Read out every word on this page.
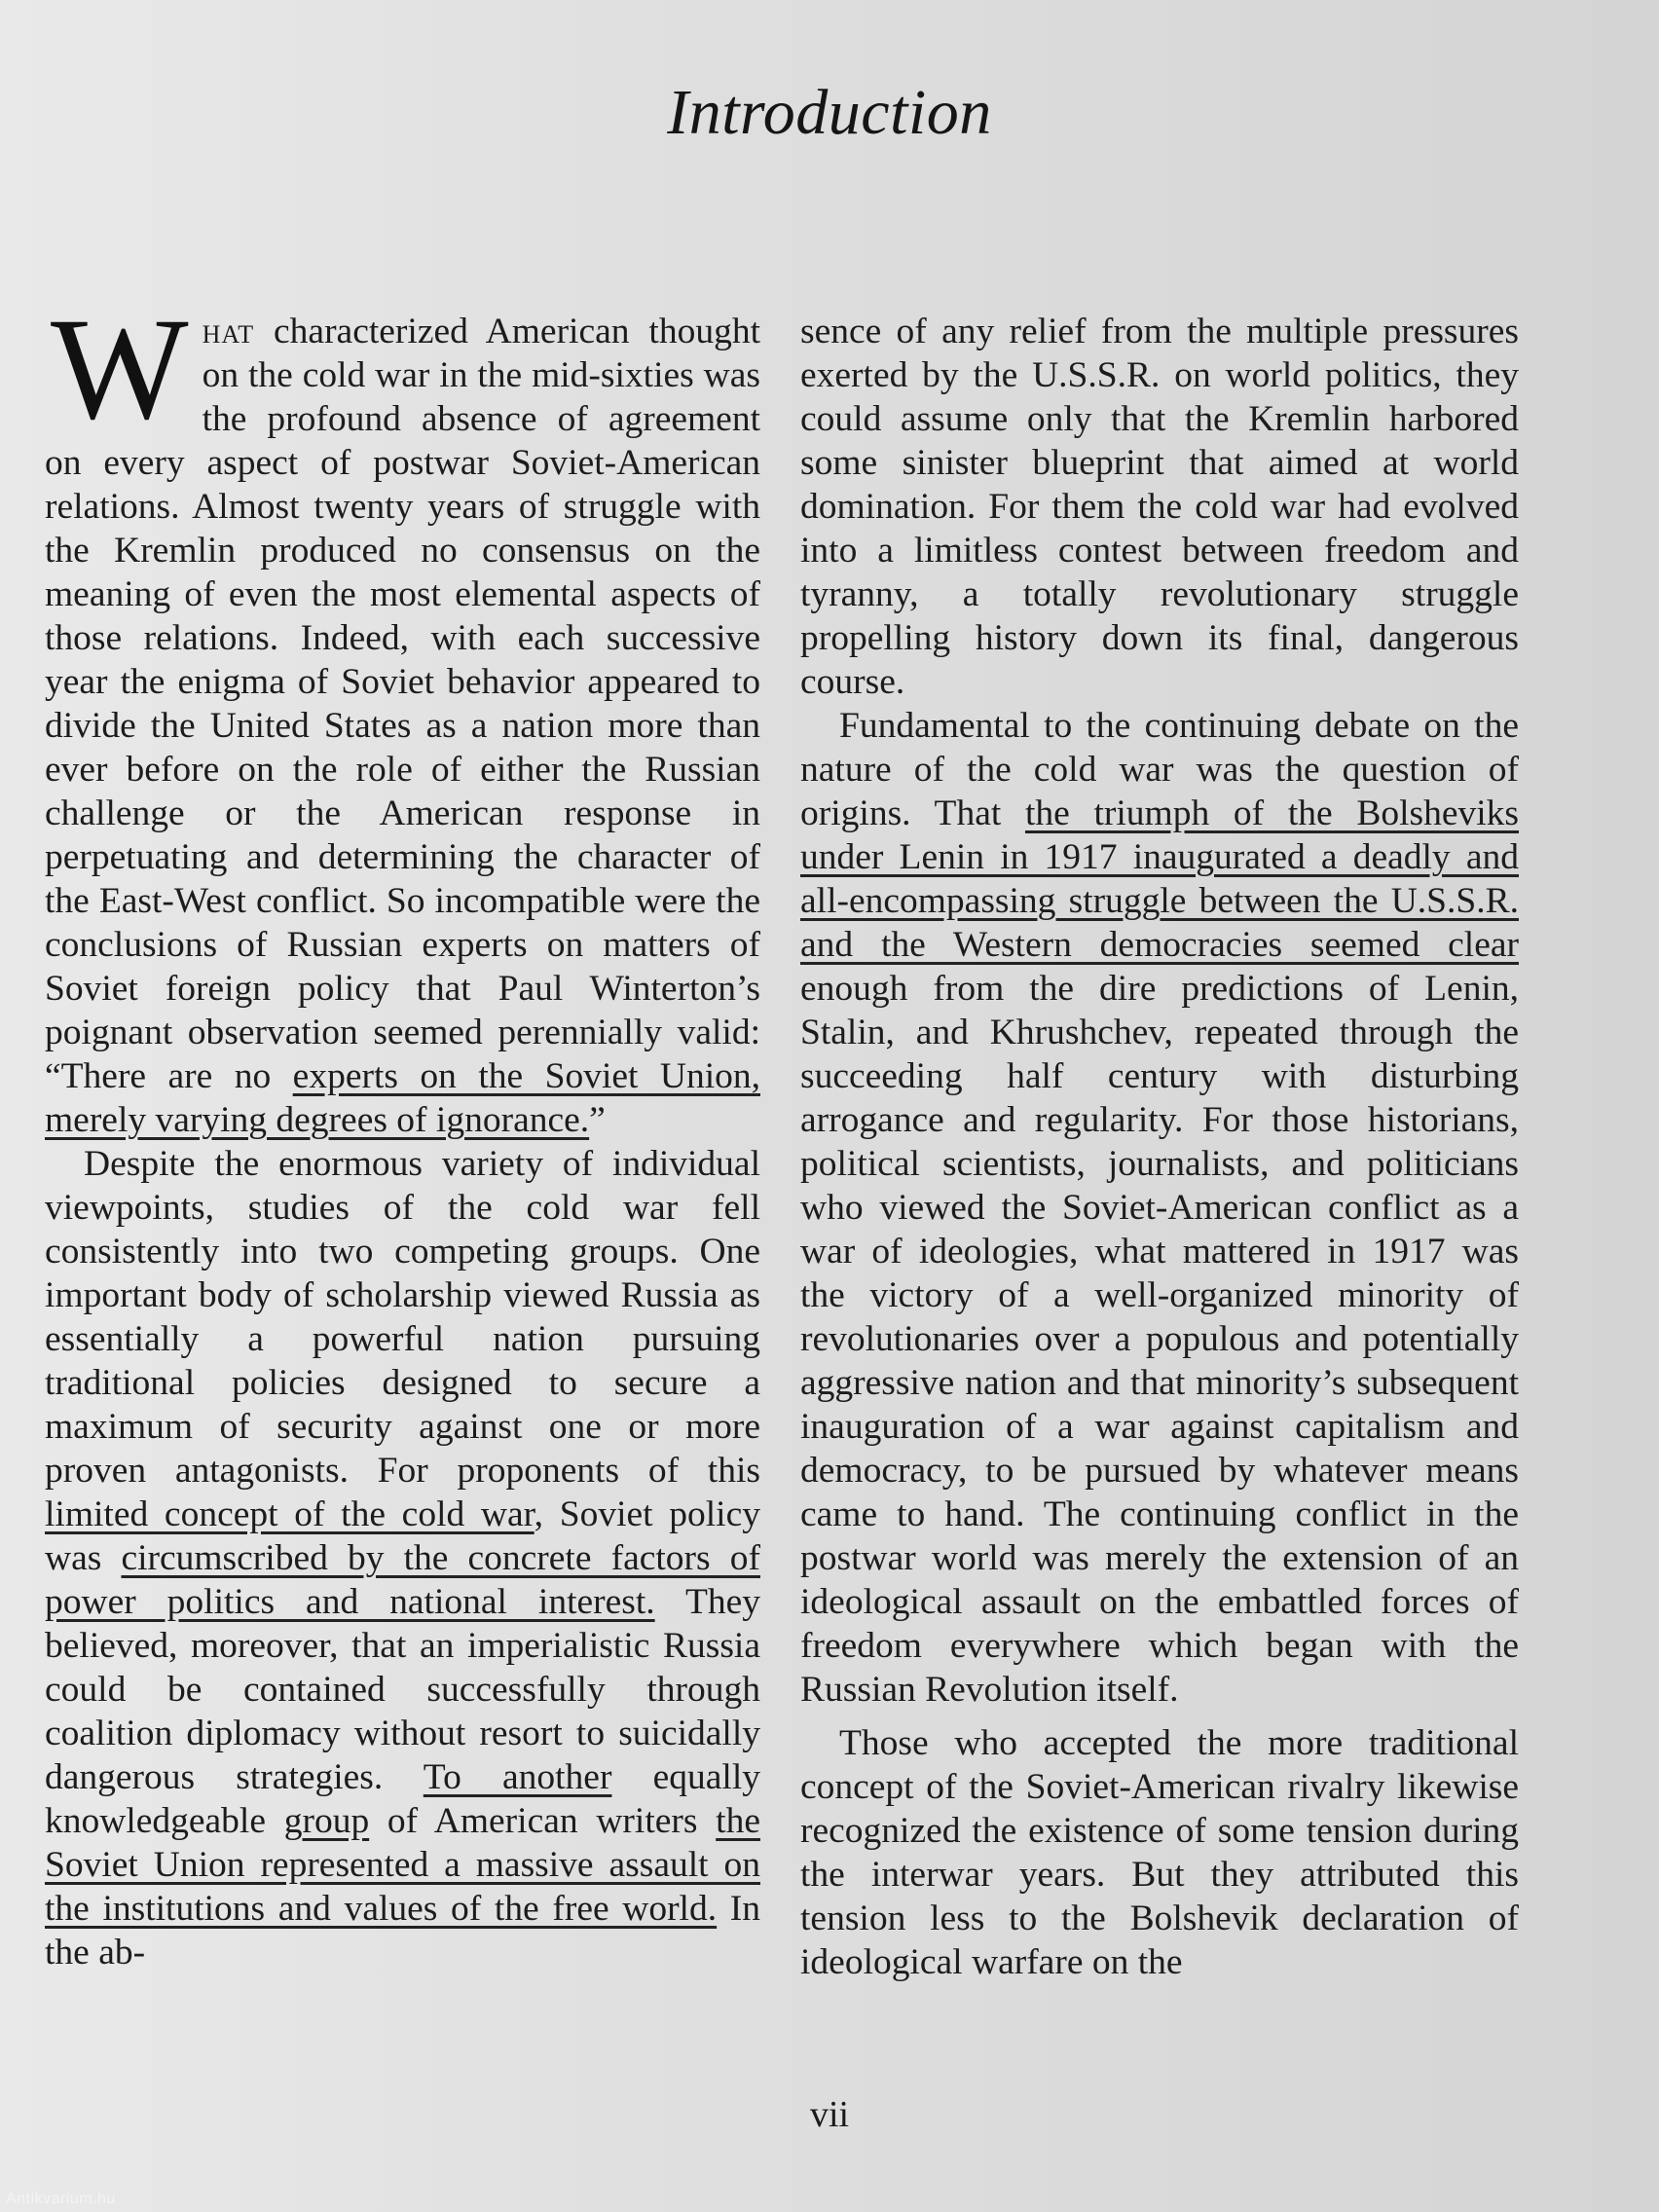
Introduction

What characterized American thought on the cold war in the mid-sixties was the profound absence of agreement on every aspect of postwar Soviet-American relations. Almost twenty years of struggle with the Kremlin produced no consensus on the meaning of even the most elemental aspects of those relations. Indeed, with each successive year the enigma of Soviet behavior appeared to divide the United States as a nation more than ever before on the role of either the Russian challenge or the American response in perpetuating and determining the character of the East-West conflict. So incompatible were the conclusions of Russian experts on matters of Soviet foreign policy that Paul Winterton’s poignant observation seemed perennially valid: “There are no experts on the Soviet Union, merely varying degrees of ignorance.”

Despite the enormous variety of individual viewpoints, studies of the cold war fell consistently into two competing groups. One important body of scholarship viewed Russia as essentially a powerful nation pursuing traditional policies designed to secure a maximum of security against one or more proven antagonists. For proponents of this limited concept of the cold war, Soviet policy was circumscribed by the concrete factors of power politics and national interest. They believed, moreover, that an imperialistic Russia could be contained successfully through coalition diplomacy without resort to suicidally dangerous strategies. To another equally knowledgeable group of American writers the Soviet Union represented a massive assault on the institutions and values of the free world. In the ab-

sence of any relief from the multiple pressures exerted by the U.S.S.R. on world politics, they could assume only that the Kremlin harbored some sinister blueprint that aimed at world domination. For them the cold war had evolved into a limitless contest between freedom and tyranny, a totally revolutionary struggle propelling history down its final, dangerous course.

Fundamental to the continuing debate on the nature of the cold war was the question of origins. That the triumph of the Bolsheviks under Lenin in 1917 inaugurated a deadly and all-encompassing struggle between the U.S.S.R. and the Western democracies seemed clear enough from the dire predictions of Lenin, Stalin, and Khrushchev, repeated through the succeeding half century with disturbing arrogance and regularity. For those historians, political scientists, journalists, and politicians who viewed the Soviet-American conflict as a war of ideologies, what mattered in 1917 was the victory of a well-organized minority of revolutionaries over a populous and potentially aggressive nation and that minority’s subsequent inauguration of a war against capitalism and democracy, to be pursued by whatever means came to hand. The continuing conflict in the postwar world was merely the extension of an ideological assault on the embattled forces of freedom everywhere which began with the Russian Revolution itself.

Those who accepted the more traditional concept of the Soviet-American rivalry likewise recognized the existence of some tension during the interwar years. But they attributed this tension less to the Bolshevik declaration of ideological warfare on the

vii
Antikvarium.hu
